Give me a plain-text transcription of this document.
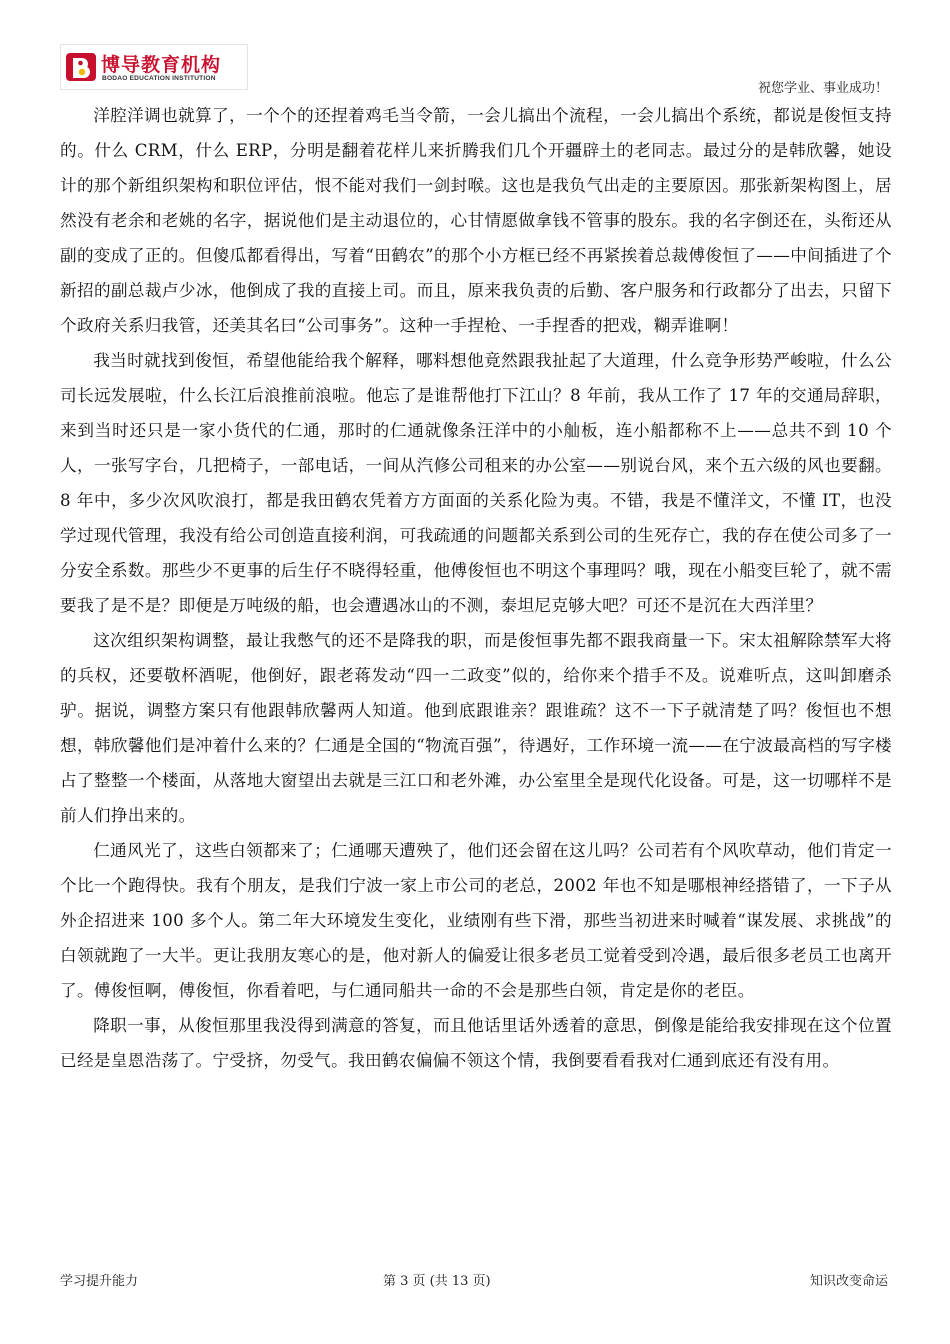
博导教育机构
BODAO EDUCATION INSTITUTION
祝您学业、事业成功！

洋腔洋调也就算了，一个个的还捏着鸡毛当令箭，一会儿搞出个流程，一会儿搞出个系统，都说是俊恒支持的。什么 CRM，什么 ERP，分明是翻着花样儿来折腾我们几个开疆辟土的老同志。最过分的是韩欣馨，她设计的那个新组织架构和职位评估，恨不能对我们一剑封喉。这也是我负气出走的主要原因。那张新架构图上，居然没有老余和老姚的名字，据说他们是主动退位的，心甘情愿做拿钱不管事的股东。我的名字倒还在，头衔还从副的变成了正的。但傻瓜都看得出，写着“田鹤农”的那个小方框已经不再紧挨着总裁傅俊恒了——中间插进了个新招的副总裁卢少冰，他倒成了我的直接上司。而且，原来我负责的后勤、客户服务和行政都分了出去，只留下个政府关系归我管，还美其名曰“公司事务”。这种一手捏枪、一手捏香的把戏，糊弄谁啊！

我当时就找到俊恒，希望他能给我个解释，哪料想他竟然跟我扯起了大道理，什么竞争形势严峻啦，什么公司长远发展啦，什么长江后浪推前浪啦。他忘了是谁帮他打下江山？8 年前，我从工作了 17 年的交通局辞职，来到当时还只是一家小货代的仁通，那时的仁通就像条汪洋中的小舢板，连小船都称不上——总共不到 10 个人，一张写字台，几把椅子，一部电话，一间从汽修公司租来的办公室——别说台风，来个五六级的风也要翻。8 年中，多少次风吹浪打，都是我田鹤农凭着方方面面的关系化险为夷。不错，我是不懂洋文，不懂 IT，也没学过现代管理，我没有给公司创造直接利润，可我疏通的问题都关系到公司的生死存亡，我的存在使公司多了一分安全系数。那些少不更事的后生仔不晓得轻重，他傅俊恒也不明这个事理吗？哦，现在小船变巨轮了，就不需要我了是不是？即便是万吨级的船，也会遭遇冰山的不测，泰坦尼克够大吧？可还不是沉在大西洋里？

这次组织架构调整，最让我憋气的还不是降我的职，而是俊恒事先都不跟我商量一下。宋太祖解除禁军大将的兵权，还要敬杯酒呢，他倒好，跟老蒋发动“四一二政变”似的，给你来个措手不及。说难听点，这叫卸磨杀驴。据说，调整方案只有他跟韩欣馨两人知道。他到底跟谁亲？跟谁疏？这不一下子就清楚了吗？俊恒也不想想，韩欣馨他们是冲着什么来的？仁通是全国的“物流百强”，待遇好，工作环境一流——在宁波最高档的写字楼占了整整一个楼面，从落地大窗望出去就是三江口和老外滩，办公室里全是现代化设备。可是，这一切哪样不是前人们挣出来的。

仁通风光了，这些白领都来了；仁通哪天遭殃了，他们还会留在这儿吗？公司若有个风吹草动，他们肯定一个比一个跑得快。我有个朋友，是我们宁波一家上市公司的老总，2002 年也不知是哪根神经搭错了，一下子从外企招进来 100 多个人。第二年大环境发生变化，业绩刚有些下滑，那些当初进来时喊着“谋发展、求挑战”的白领就跑了一大半。更让我朋友寒心的是，他对新人的偏爱让很多老员工觉着受到冷遇，最后很多老员工也离开了。傅俊恒啊，傅俊恒，你看着吧，与仁通同船共一命的不会是那些白领，肯定是你的老臣。

降职一事，从俊恒那里我没得到满意的答复，而且他话里话外透着的意思，倒像是能给我安排现在这个位置已经是皇恩浩荡了。宁受挤，勿受气。我田鹤农偏偏不领这个情，我倒要看看我对仁通到底还有没有用。

学习提升能力	第 3 页 (共 13 页)	知识改变命运
